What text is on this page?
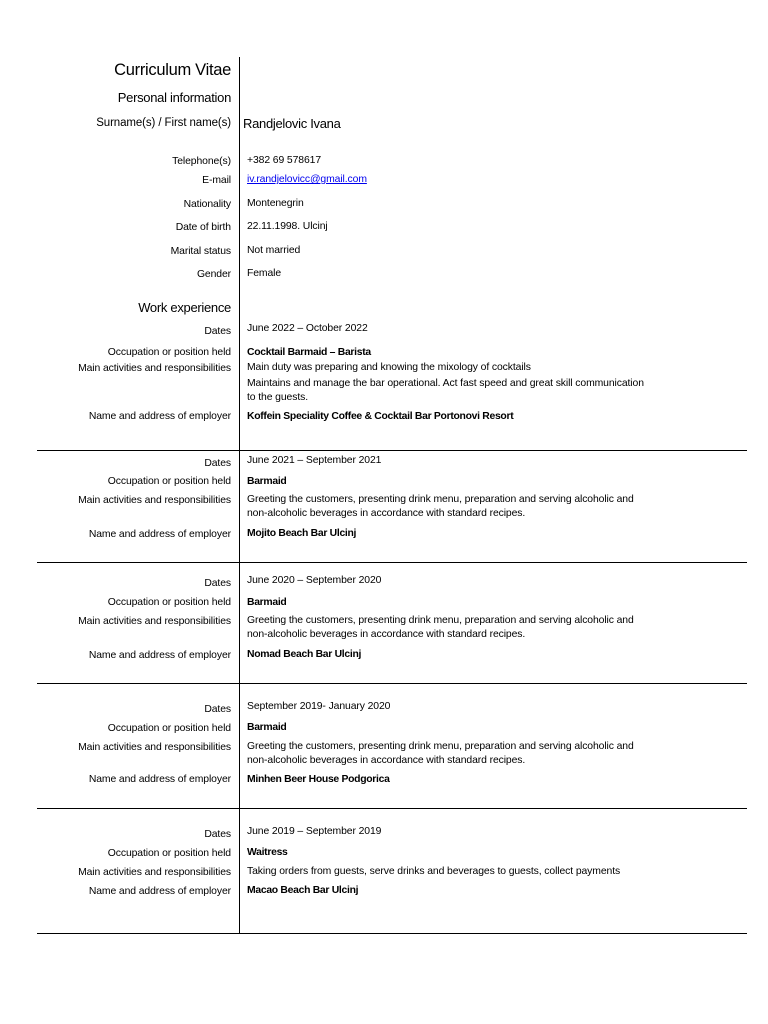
Curriculum Vitae
Personal information
Surname(s) / First name(s) Randjelovic Ivana
Telephone(s) +382 69 578617
E-mail iv.randjelovicc@gmail.com
Nationality Montenegrin
Date of birth 22.11.1998. Ulcinj
Marital status Not married
Gender Female
Work experience
Dates June 2022 – October 2022
Occupation or position held Cocktail Barmaid – Barista
Main activities and responsibilities Main duty was preparing and knowing the mixology of cocktails
Maintains and manage the bar operational. Act fast speed and great skill communication
to the guests.
Name and address of employer Koffein Speciality Coffee & Cocktail Bar Portonovi Resort
Dates June 2021 – September 2021
Occupation or position held Barmaid
Main activities and responsibilities Greeting the customers, presenting drink menu, preparation and serving alcoholic and
non-alcoholic beverages in accordance with standard recipes.
Name and address of employer Mojito Beach Bar Ulcinj
Dates June 2020 – September 2020
Occupation or position held Barmaid
Main activities and responsibilities Greeting the customers, presenting drink menu, preparation and serving alcoholic and
non-alcoholic beverages in accordance with standard recipes.
Name and address of employer Nomad Beach Bar Ulcinj
Dates September 2019- January 2020
Occupation or position held Barmaid
Main activities and responsibilities Greeting the customers, presenting drink menu, preparation and serving alcoholic and
non-alcoholic beverages in accordance with standard recipes.
Name and address of employer Minhen Beer House Podgorica
Dates June 2019 – September 2019
Occupation or position held Waitress
Main activities and responsibilities Taking orders from guests, serve drinks and beverages to guests, collect payments
Name and address of employer Macao Beach Bar Ulcinj
